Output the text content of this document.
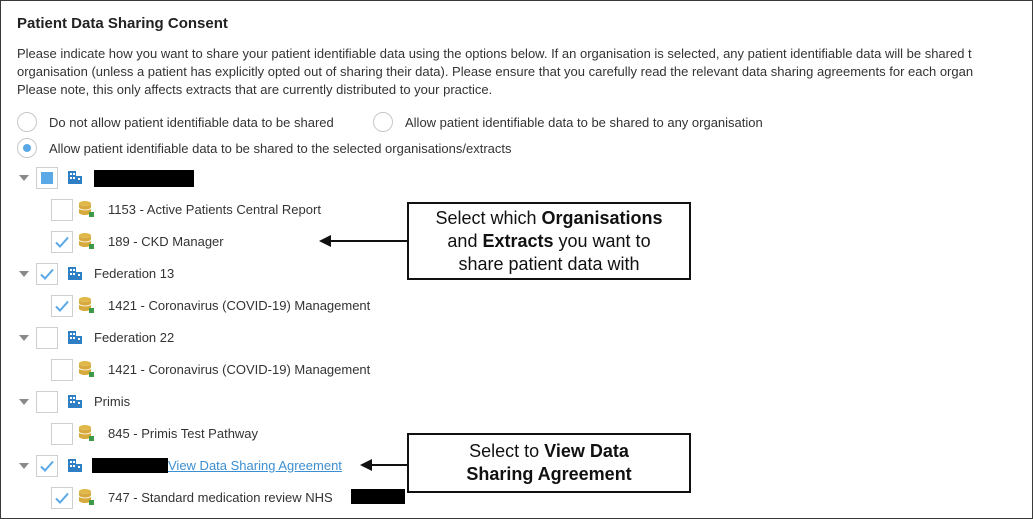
Patient Data Sharing Consent
Please indicate how you want to share your patient identifiable data using the options below. If an organisation is selected, any patient identifiable data will be shared t
organisation (unless a patient has explicitly opted out of sharing their data). Please ensure that you carefully read the relevant data sharing agreements for each organ
Please note, this only affects extracts that are currently distributed to your practice.
Do not allow patient identifiable data to be shared	Allow patient identifiable data to be shared to any organisation
Allow patient identifiable data to be shared to the selected organisations/extracts
1153 - Active Patients Central Report
189 - CKD Manager
Federation 13
1421 - Coronavirus (COVID-19) Management
Federation 22
1421 - Coronavirus (COVID-19) Management
Primis
845 - Primis Test Pathway
View Data Sharing Agreement
747 - Standard medication review NHS
Select which Organisations
and Extracts you want to
share patient data with
Select to View Data
Sharing Agreement
